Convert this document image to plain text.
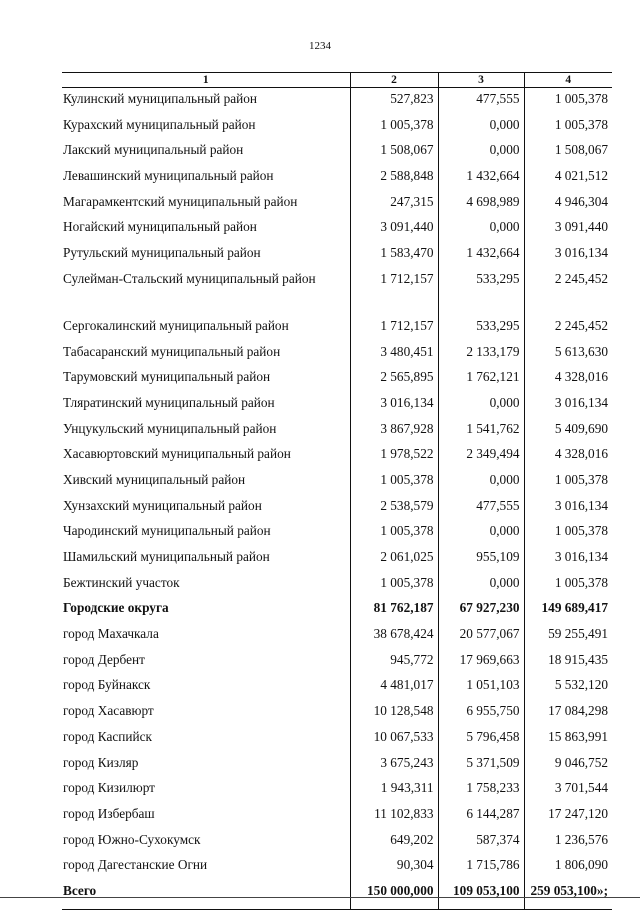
1234
1	2	3	4
Кулинский муниципальный район	527,823	477,555	1 005,378
Курахский муниципальный район	1 005,378	0,000	1 005,378
Лакский муниципальный район	1 508,067	0,000	1 508,067
Левашинский муниципальный район	2 588,848	1 432,664	4 021,512
Магарамкентский муниципальный район	247,315	4 698,989	4 946,304
Ногайский муниципальный район	3 091,440	0,000	3 091,440
Рутульский муниципальный район	1 583,470	1 432,664	3 016,134
Сулейман-Стальский муниципальный район	1 712,157	533,295	2 245,452
Сергокалинский муниципальный район	1 712,157	533,295	2 245,452
Табасаранский муниципальный район	3 480,451	2 133,179	5 613,630
Тарумовский муниципальный район	2 565,895	1 762,121	4 328,016
Тляратинский муниципальный район	3 016,134	0,000	3 016,134
Унцукульский муниципальный район	3 867,928	1 541,762	5 409,690
Хасавюртовский муниципальный район	1 978,522	2 349,494	4 328,016
Хивский муниципальный район	1 005,378	0,000	1 005,378
Хунзахский муниципальный район	2 538,579	477,555	3 016,134
Чародинский муниципальный район	1 005,378	0,000	1 005,378
Шамильский муниципальный район	2 061,025	955,109	3 016,134
Бежтинский участок	1 005,378	0,000	1 005,378
Городские округа	81 762,187	67 927,230	149 689,417
город Махачкала	38 678,424	20 577,067	59 255,491
город Дербент	945,772	17 969,663	18 915,435
город Буйнакск	4 481,017	1 051,103	5 532,120
город Хасавюрт	10 128,548	6 955,750	17 084,298
город Каспийск	10 067,533	5 796,458	15 863,991
город Кизляр	3 675,243	5 371,509	9 046,752
город Кизилюрт	1 943,311	1 758,233	3 701,544
город Избербаш	11 102,833	6 144,287	17 247,120
город Южно-Сухокумск	649,202	587,374	1 236,576
город Дагестанские Огни	90,304	1 715,786	1 806,090
Всего	150 000,000	109 053,100	259 053,100»;
